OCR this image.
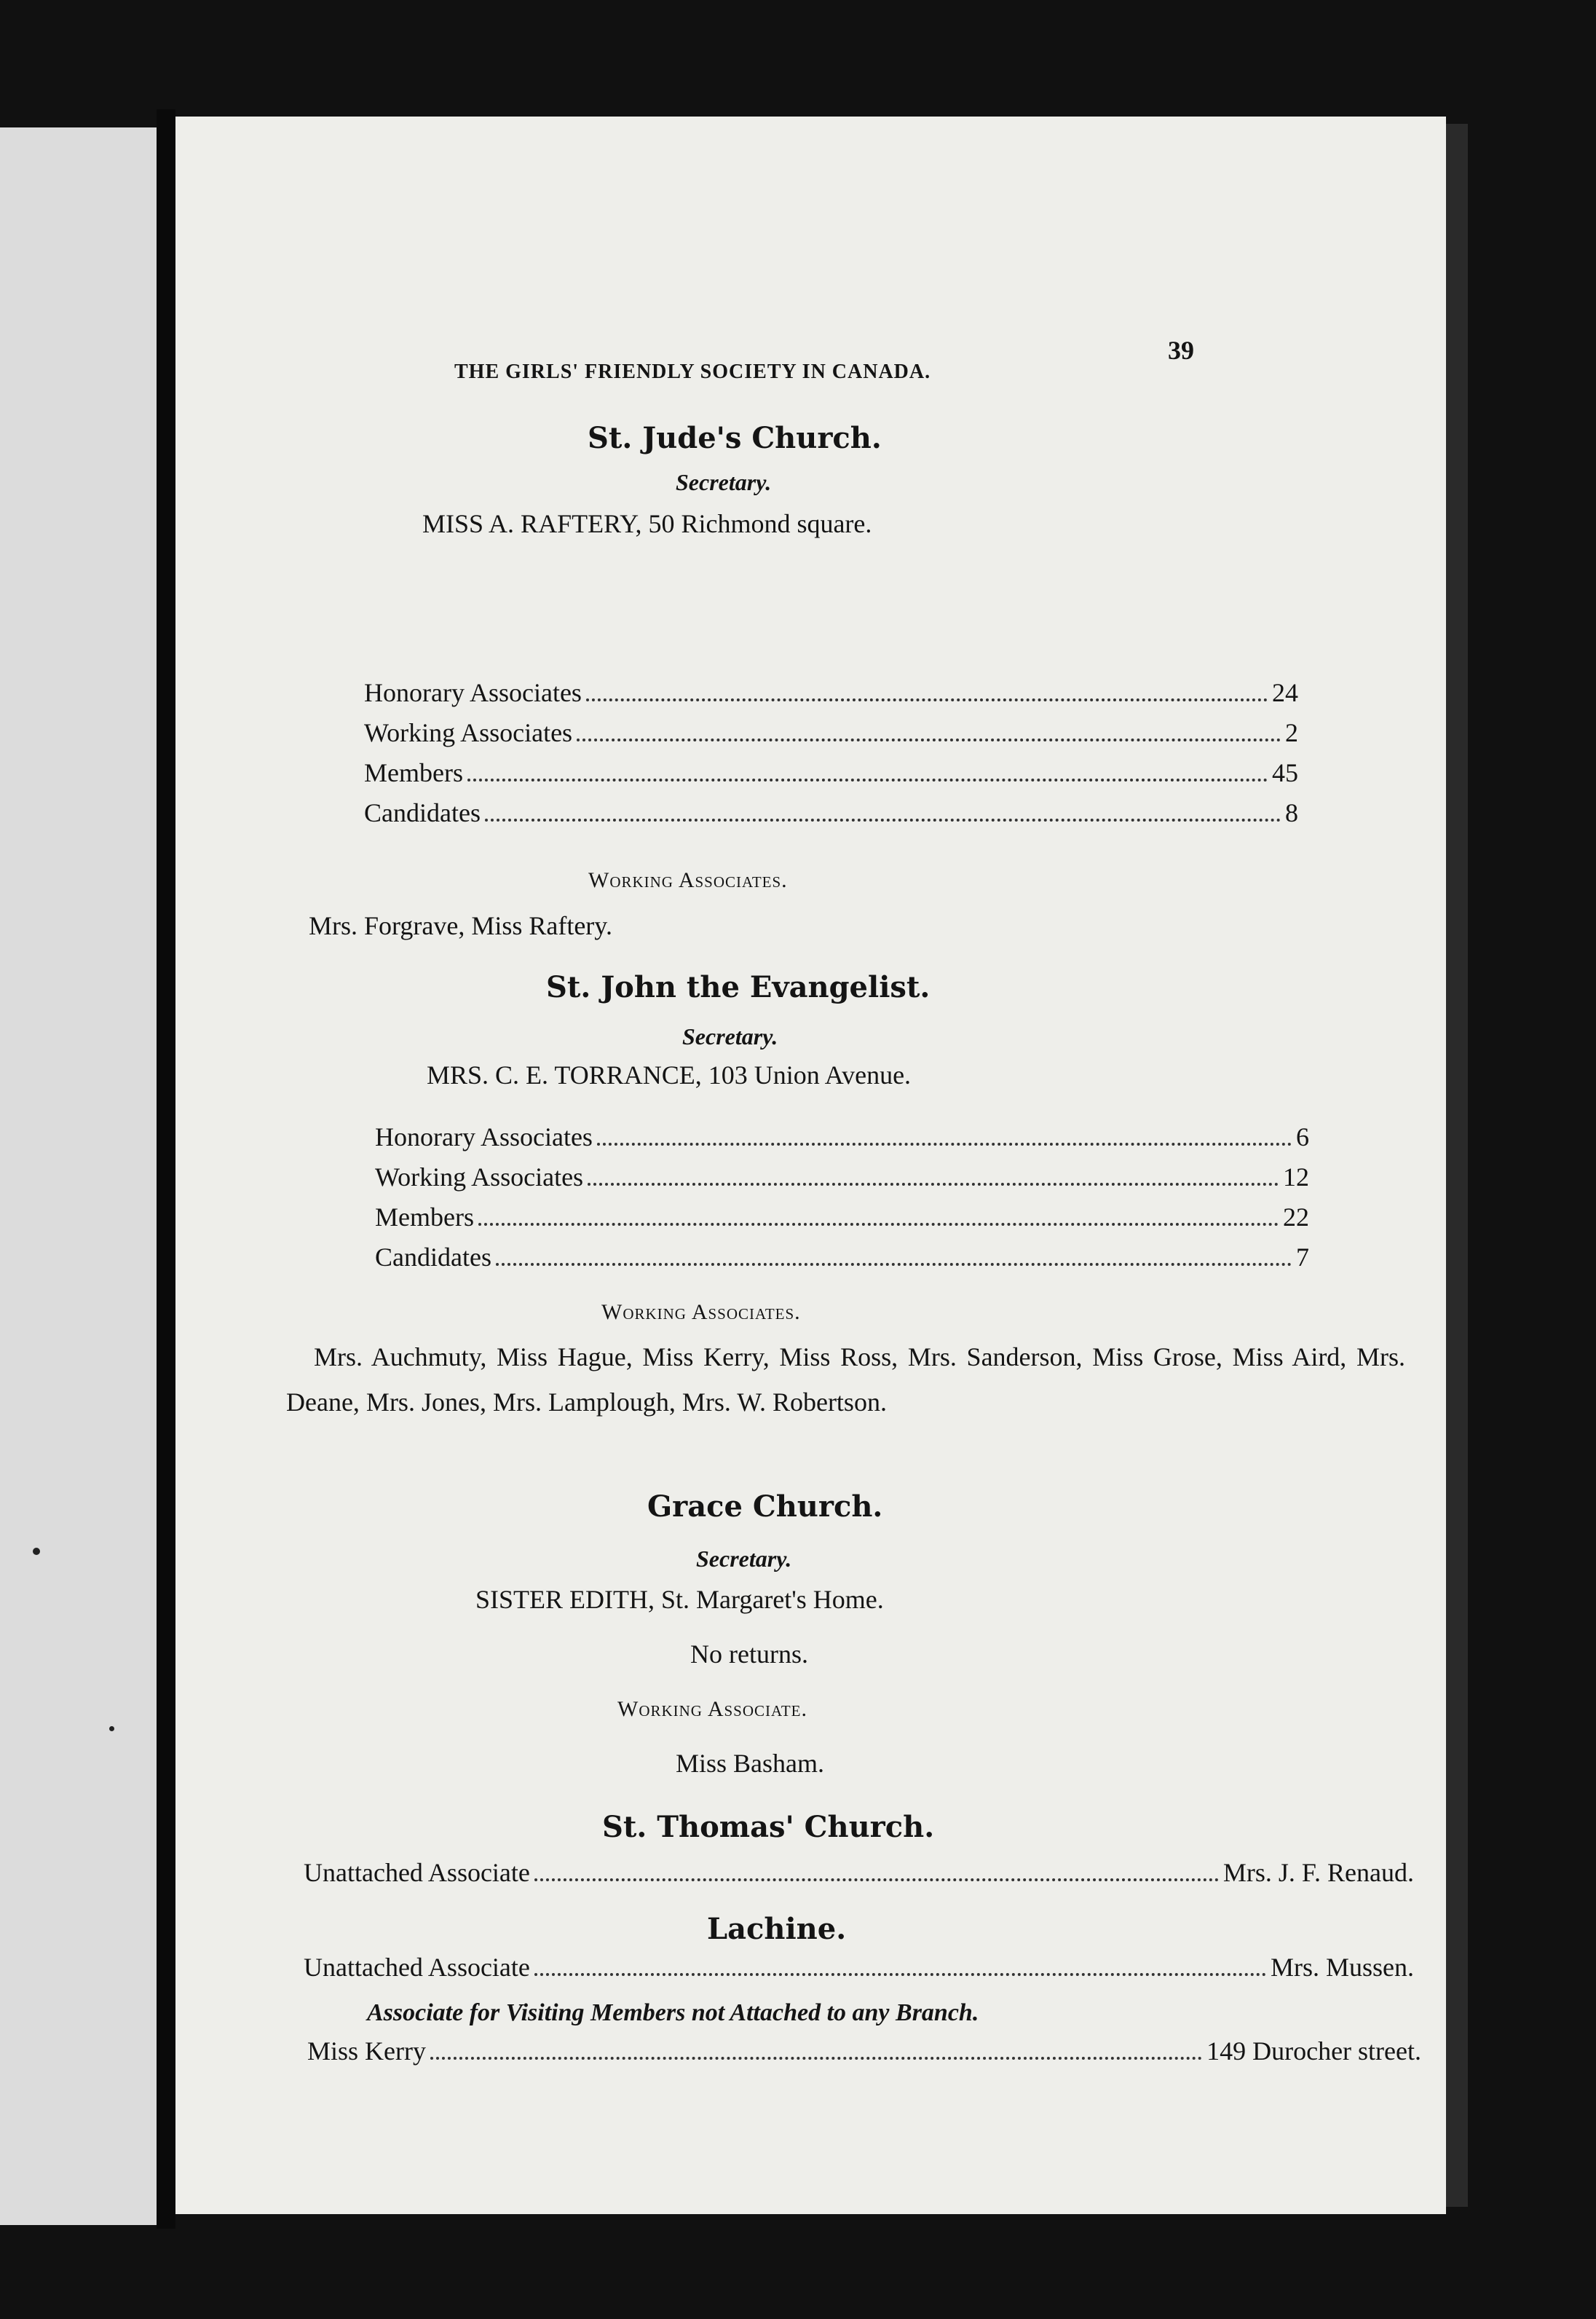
THE GIRLS' FRIENDLY SOCIETY IN CANADA.
39
St. Jude's Church.
Secretary.
MISS A. RAFTERY, 50 Richmond square.
Honorary Associates	24
Working Associates	2
Members	45
Candidates	8
Working Associates.
Mrs. Forgrave, Miss Raftery.
St. John the Evangelist.
Secretary.
MRS. C. E. TORRANCE, 103 Union Avenue.
Honorary Associates	6
Working Associates	12
Members	22
Candidates	7
Working Associates.
Mrs. Auchmuty, Miss Hague, Miss Kerry, Miss Ross, Mrs. Sanderson, Miss Grose, Miss Aird, Mrs. Deane, Mrs. Jones, Mrs. Lamplough, Mrs. W. Robertson.
Grace Church.
Secretary.
SISTER EDITH, St. Margaret's Home.
No returns.
Working Associate.
Miss Basham.
St. Thomas' Church.
Unattached Associate	Mrs. J. F. Renaud.
Lachine.
Unattached Associate	Mrs. Mussen.
Associate for Visiting Members not Attached to any Branch.
Miss Kerry	149 Durocher street.
